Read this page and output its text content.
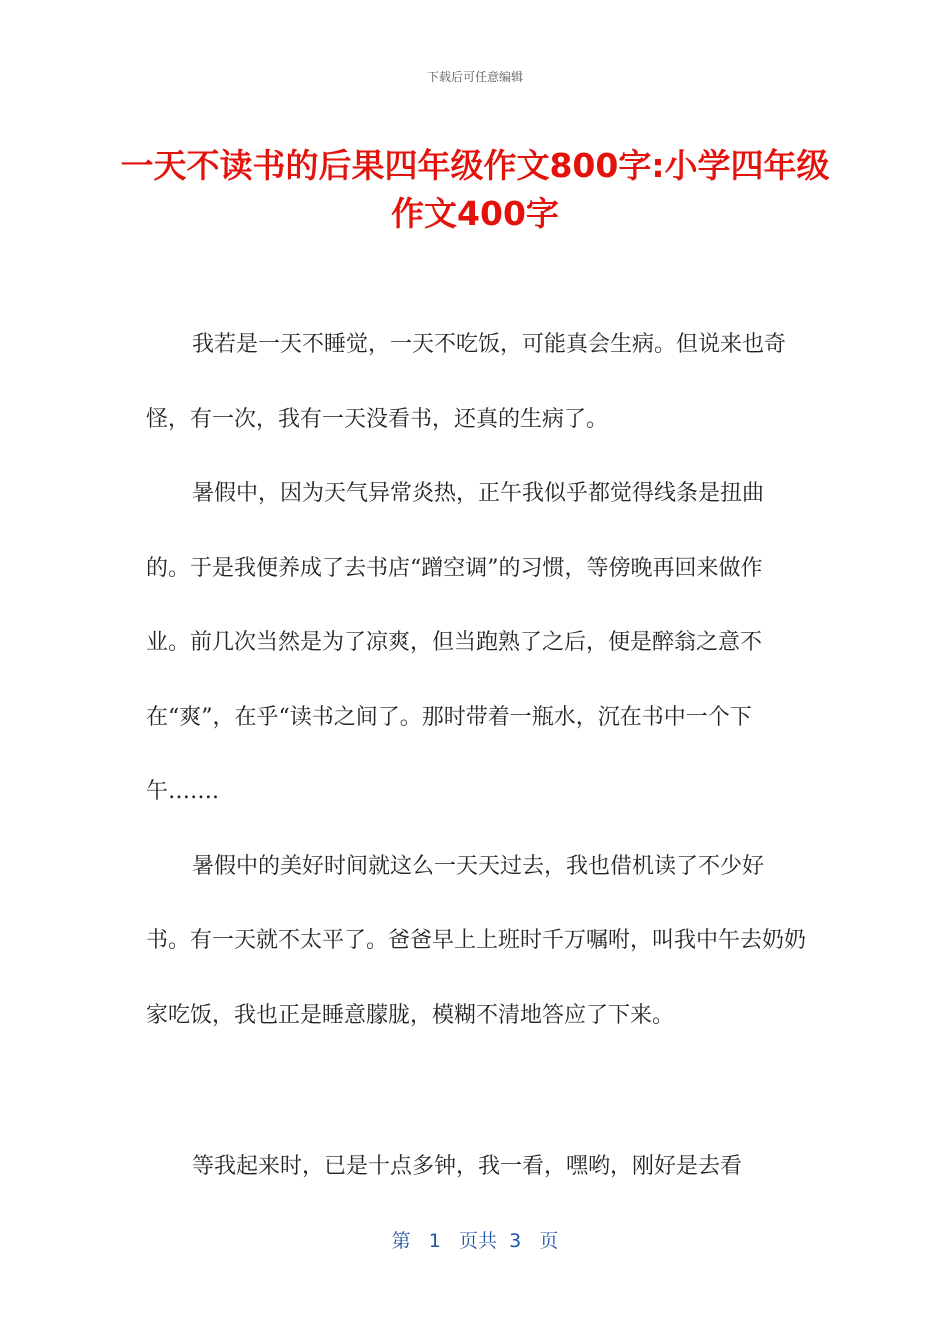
下载后可任意编辑
一天不读书的后果四年级作文800字:小学四年级作文400字

我若是一天不睡觉，一天不吃饭，可能真会生病。但说来也奇怪，有一次，我有一天没看书，还真的生病了。

暑假中，因为天气异常炎热，正午我似乎都觉得线条是扭曲的。于是我便养成了去书店“蹭空调”的习惯，等傍晚再回来做作业。前几次当然是为了凉爽，但当跑熟了之后，便是醉翁之意不在“爽”，在乎“读书之间了。那时带着一瓶水，沉在书中一个下午…….

暑假中的美好时间就这么一天天过去，我也借机读了不少好书。有一天就不太平了。爸爸早上上班时千万嘱咐，叫我中午去奶奶家吃饭，我也正是睡意朦胧，模糊不清地答应了下来。

等我起来时，已是十点多钟，我一看，嘿哟，刚好是去看

第 1 页共 3 页
